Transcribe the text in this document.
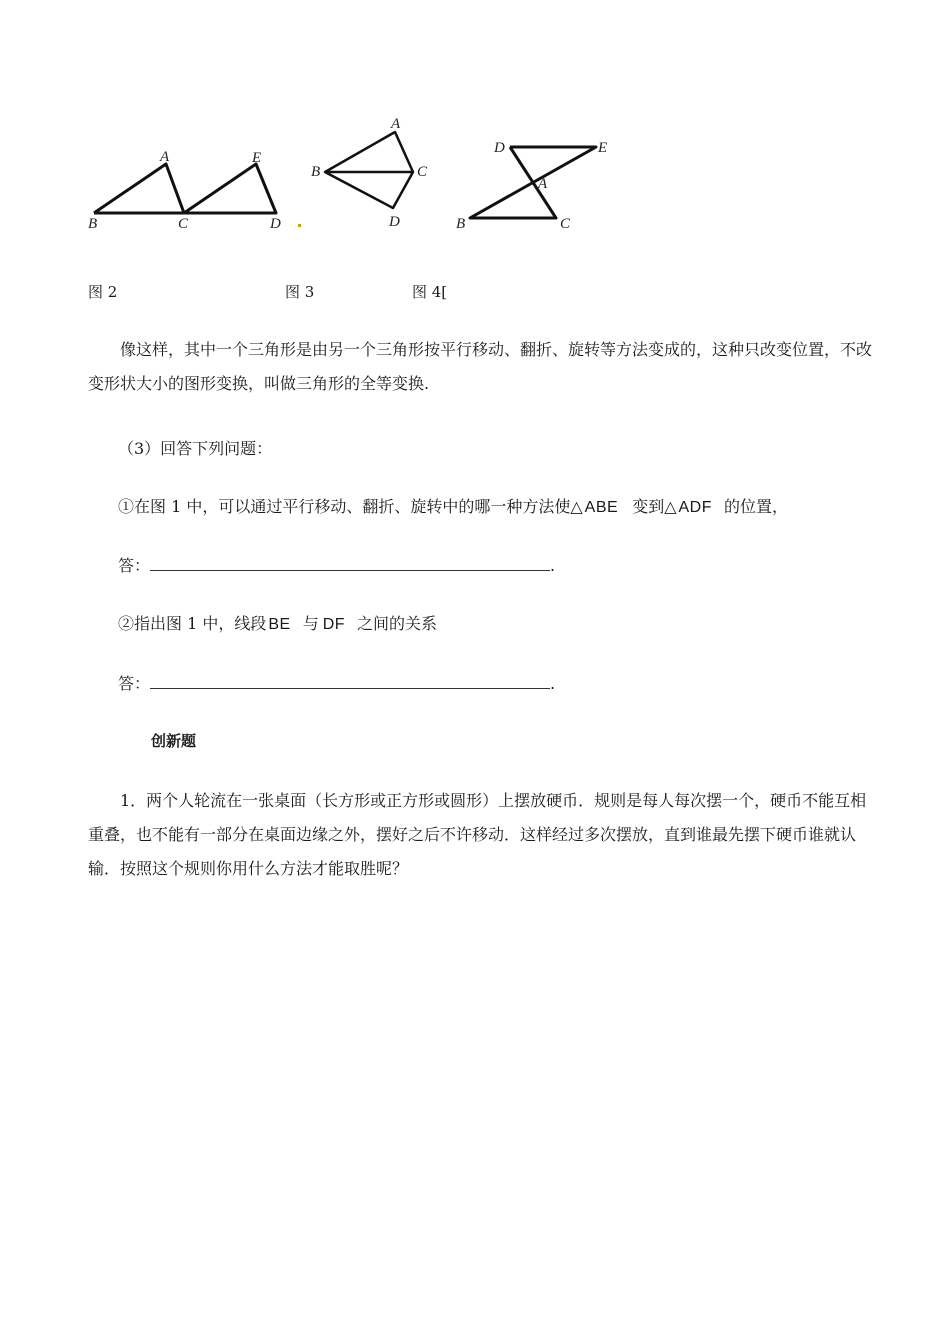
A
B	C	D
E
A
B	C
D
D	E
A
B	C
图 2	图 3	图 4[
像这样，其中一个三角形是由另一个三角形按平行移动、翻折、旋转等方法变成的，这种只改变位置，不改变形状大小的图形变换，叫做三角形的全等变换.
（3）回答下列问题：
①在图 1 中，可以通过平行移动、翻折、旋转中的哪一种方法使△ ABE 变到△ ADF 的位置，
答：	.
②指出图 1 中，线段 BE 与 DF 之间的关系
答：	.
创新题
1．两个人轮流在一张桌面（长方形或正方形或圆形）上摆放硬币．规则是每人每次摆一个，硬币不能互相重叠，也不能有一部分在桌面边缘之外，摆好之后不许移动．这样经过多次摆放，直到谁最先摆下硬币谁就认输．按照这个规则你用什么方法才能取胜呢？
